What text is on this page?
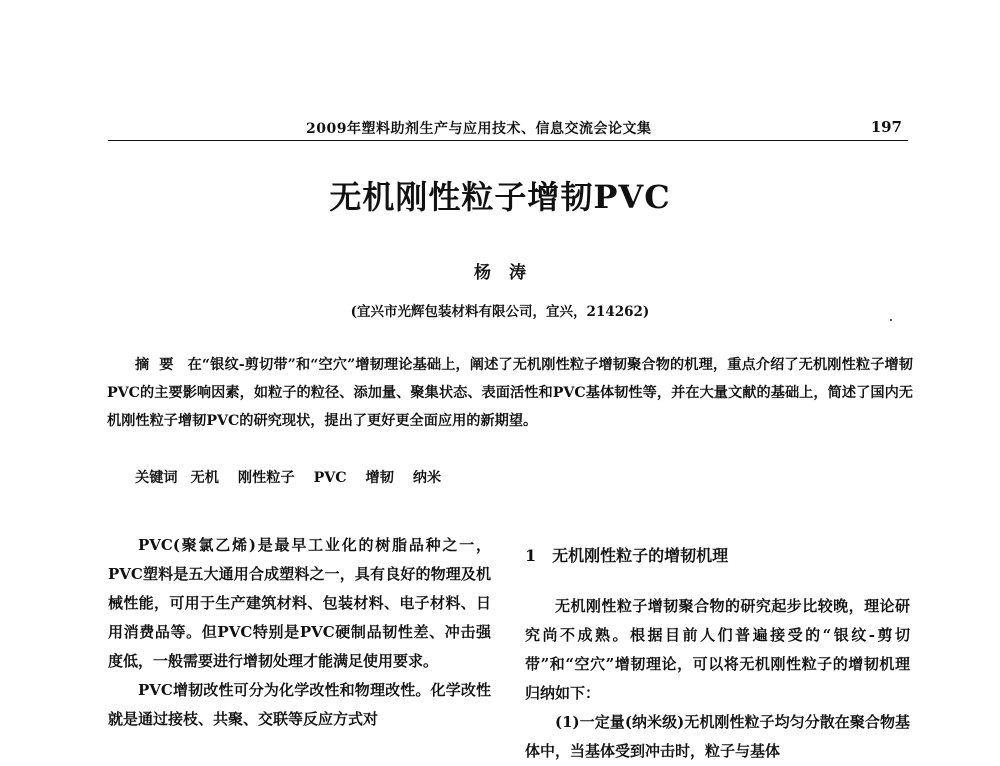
2009年塑料助剂生产与应用技术、信息交流会论文集	197
无机刚性粒子增韧PVC
杨涛
(宜兴市光辉包装材料有限公司，宜兴，214262)
摘要 在“银纹-剪切带”和“空穴”增韧理论基础上，阐述了无机刚性粒子增韧聚合物的机理，重点介绍了无机刚性粒子增韧PVC的主要影响因素，如粒子的粒径、添加量、聚集状态、表面活性和PVC基体韧性等，并在大量文献的基础上，简述了国内无机刚性粒子增韧PVC的研究现状，提出了更好更全面应用的新期望。
关键词 无机 刚性粒子 PVC 增韧 纳米

PVC(聚氯乙烯)是最早工业化的树脂品种之一，PVC塑料是五大通用合成塑料之一，具有良好的物理及机械性能，可用于生产建筑材料、包装材料、电子材料、日用消费品等。但PVC特别是PVC硬制品韧性差、冲击强度低，一般需要进行增韧处理才能满足使用要求。

PVC增韧改性可分为化学改性和物理改性。化学改性就是通过接枝、共聚、交联等反应方式对

1 无机刚性粒子的增韧机理

无机刚性粒子增韧聚合物的研究起步比较晚，理论研究尚不成熟。根据目前人们普遍接受的“银纹-剪切带”和“空穴”增韧理论，可以将无机刚性粒子的增韧机理归纳如下：

(1)一定量(纳米级)无机刚性粒子均匀分散在聚合物基体中，当基体受到冲击时，粒子与基体
